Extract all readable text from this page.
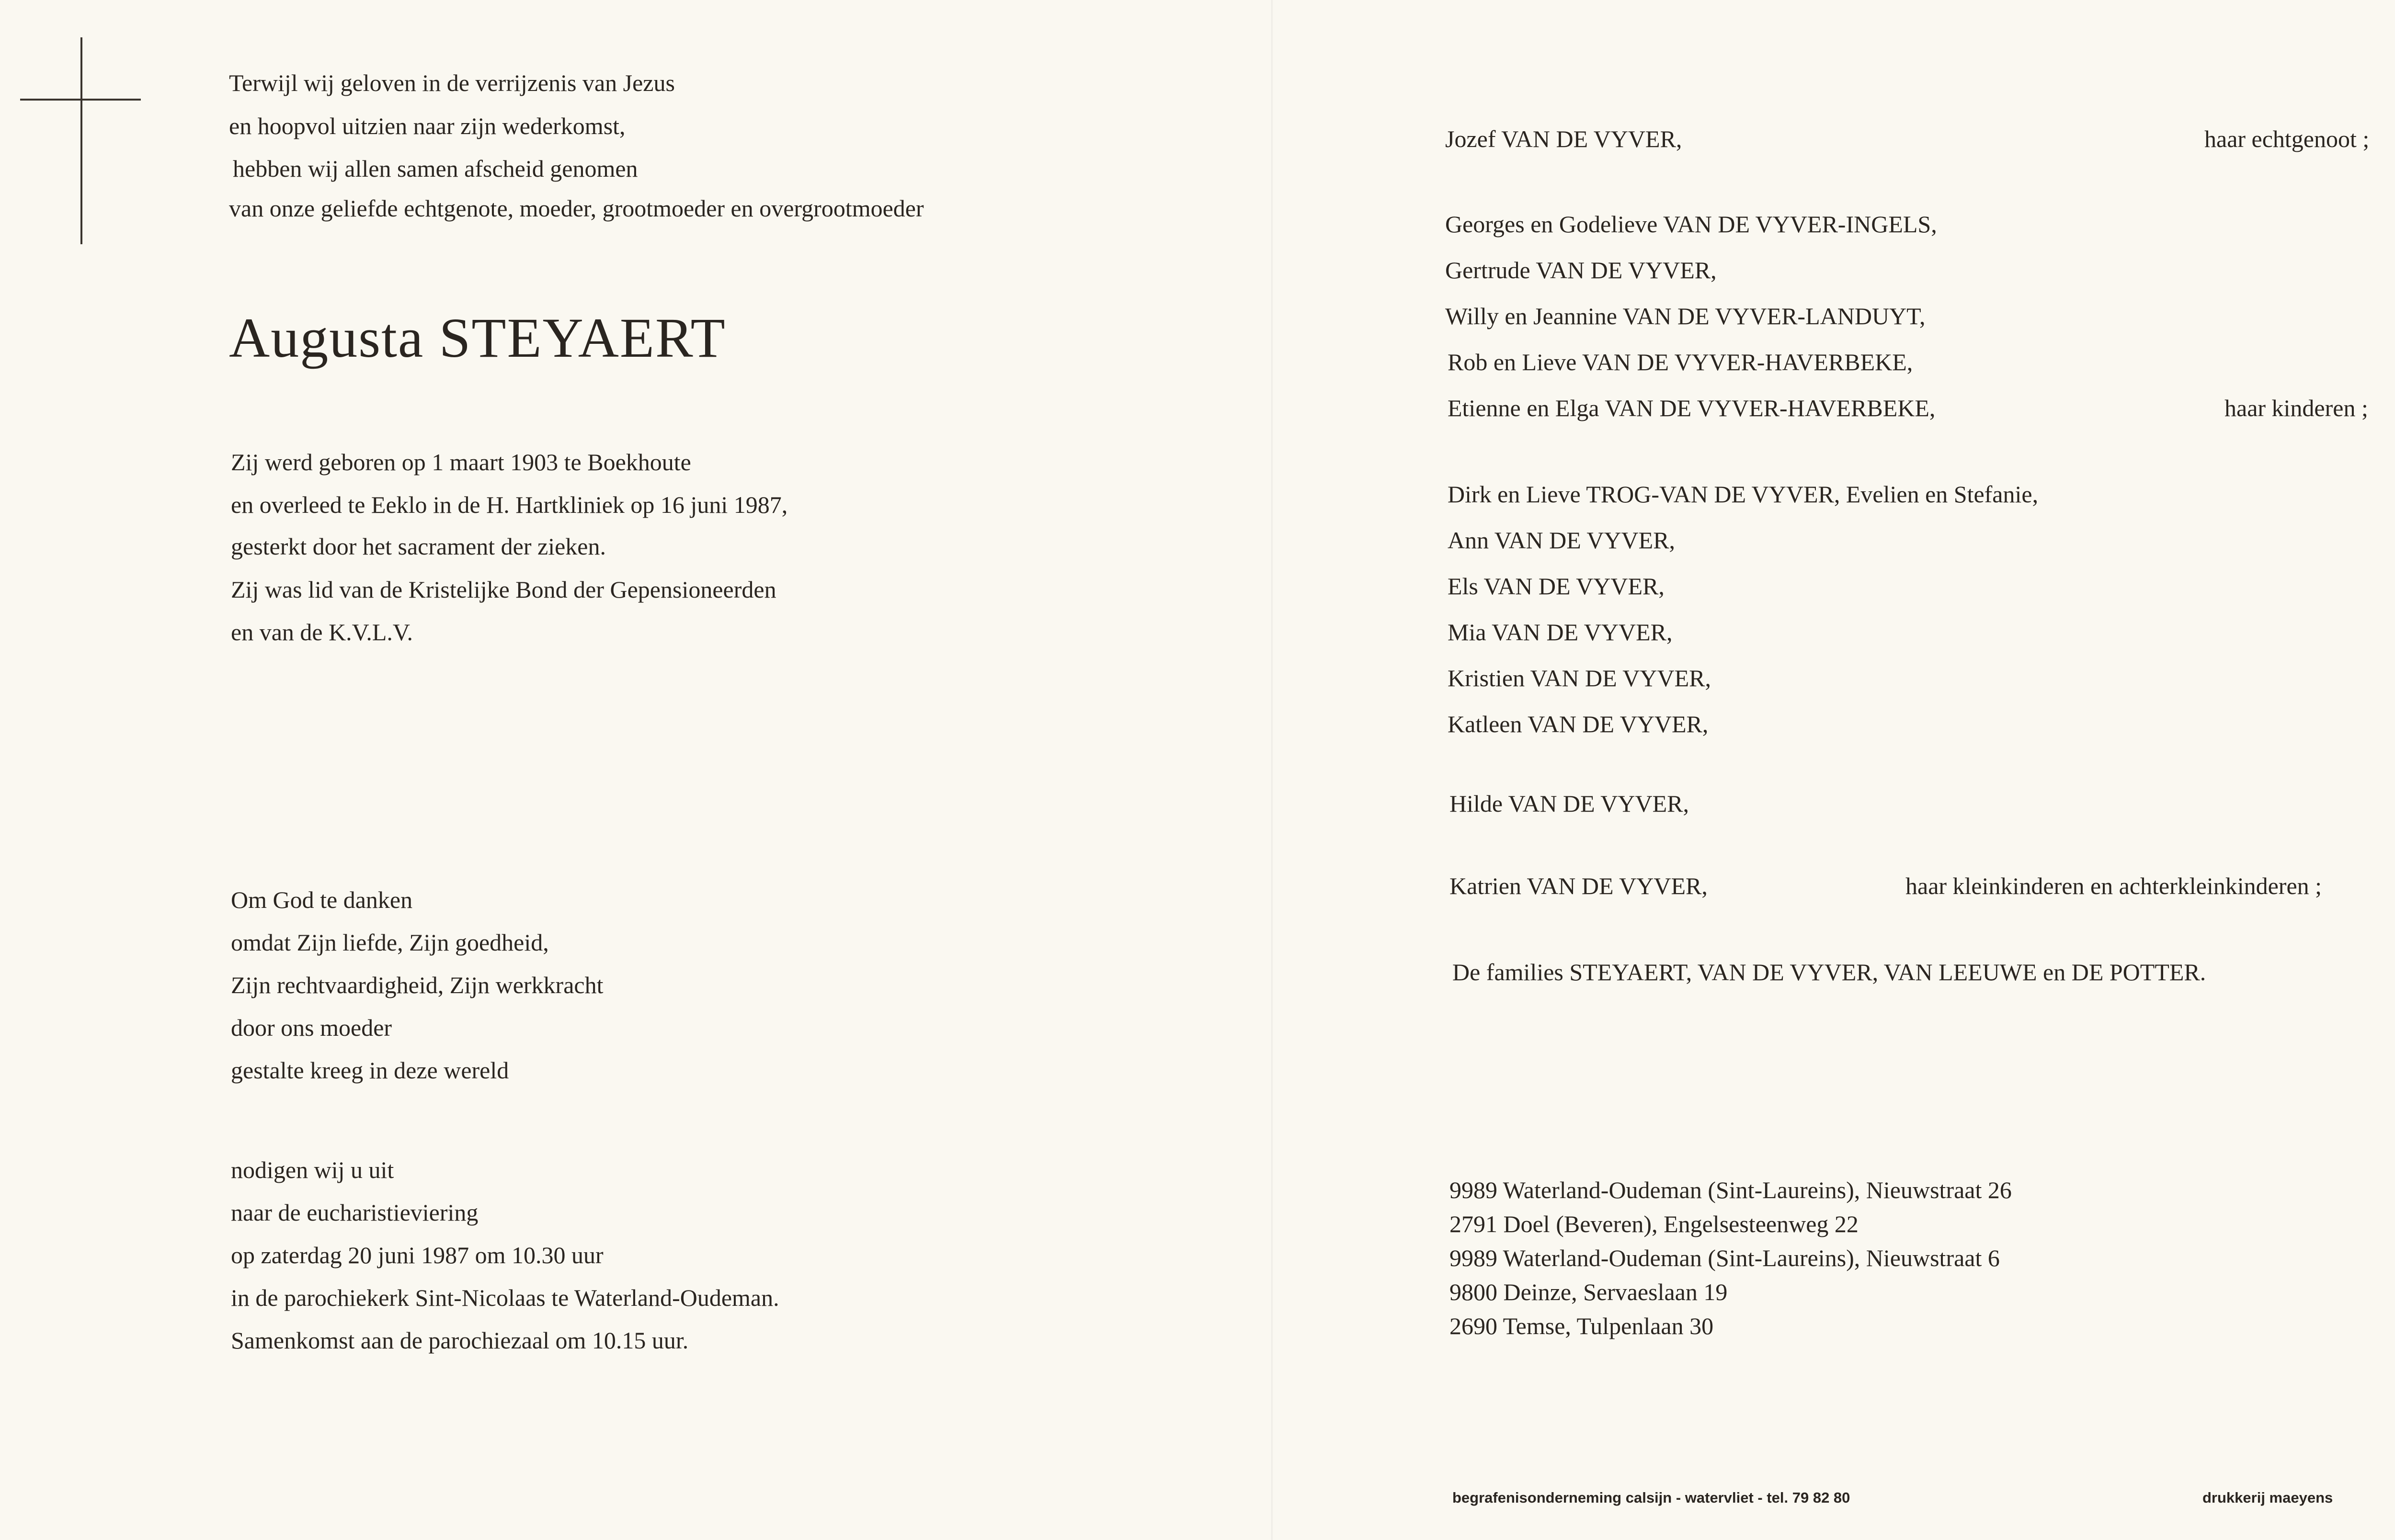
Terwijl wij geloven in de verrijzenis van Jezus
en hoopvol uitzien naar zijn wederkomst,
hebben wij allen samen afscheid genomen
van onze geliefde echtgenote, moeder, grootmoeder en overgrootmoeder
Augusta STEYAERT
Zij werd geboren op 1 maart 1903 te Boekhoute
en overleed te Eeklo in de H. Hartkliniek op 16 juni 1987,
gesterkt door het sacrament der zieken.
Zij was lid van de Kristelijke Bond der Gepensioneerden
en van de K.V.L.V.
Om God te danken
omdat Zijn liefde, Zijn goedheid,
Zijn rechtvaardigheid, Zijn werkkracht
door ons moeder
gestalte kreeg in deze wereld
nodigen wij u uit
naar de eucharistieviering
op zaterdag 20 juni 1987 om 10.30 uur
in de parochiekerk Sint-Nicolaas te Waterland-Oudeman.
Samenkomst aan de parochiezaal om 10.15 uur.
Jozef VAN DE VYVER,	haar echtgenoot ;
Georges en Godelieve VAN DE VYVER-INGELS,
Gertrude VAN DE VYVER,
Willy en Jeannine VAN DE VYVER-LANDUYT,
Rob en Lieve VAN DE VYVER-HAVERBEKE,
Etienne en Elga VAN DE VYVER-HAVERBEKE,	haar kinderen ;
Dirk en Lieve TROG-VAN DE VYVER, Evelien en Stefanie,
Ann VAN DE VYVER,
Els VAN DE VYVER,
Mia VAN DE VYVER,
Kristien VAN DE VYVER,
Katleen VAN DE VYVER,
Hilde VAN DE VYVER,
Katrien VAN DE VYVER,	haar kleinkinderen en achterkleinkinderen ;
De families STEYAERT, VAN DE VYVER, VAN LEEUWE en DE POTTER.
9989 Waterland-Oudeman (Sint-Laureins), Nieuwstraat 26
2791 Doel (Beveren), Engelsesteenweg 22
9989 Waterland-Oudeman (Sint-Laureins), Nieuwstraat 6
9800 Deinze, Servaeslaan 19
2690 Temse, Tulpenlaan 30
begrafenisonderneming calsijn - watervliet - tel. 79 82 80	drukkerij maeyens
